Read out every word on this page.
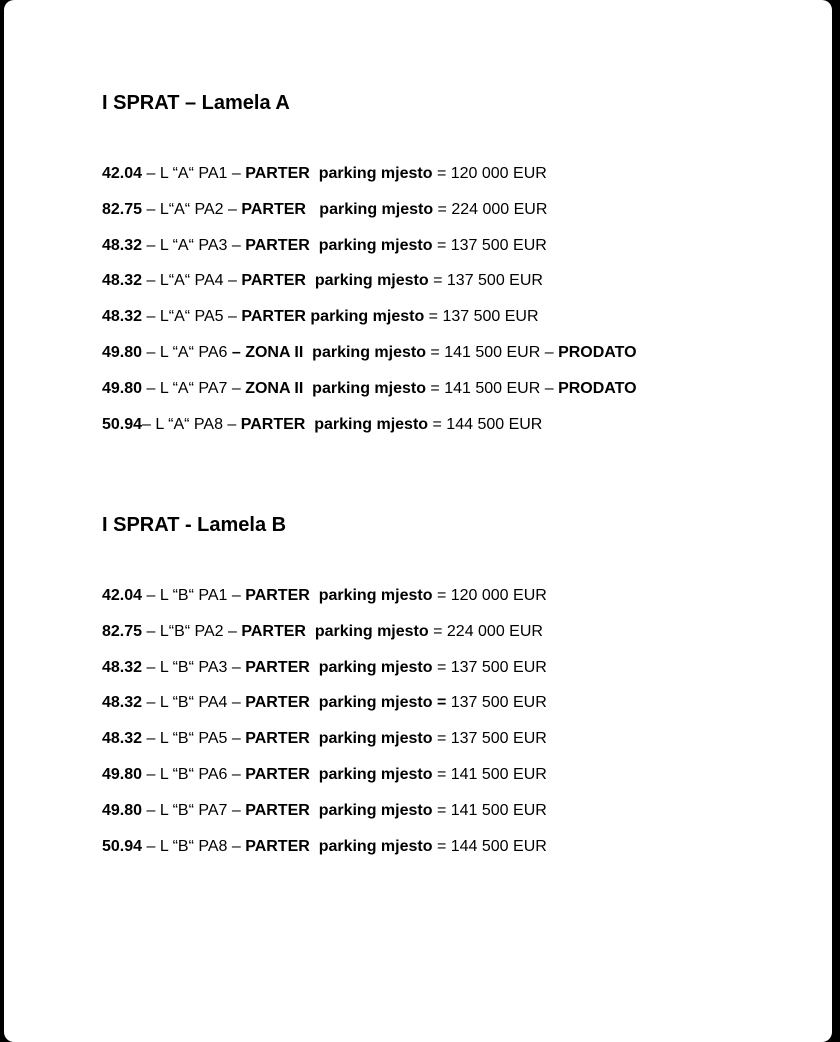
I SPRAT – Lamela A
42.04 – L “A“ PA1 – PARTER parking mjesto = 120 000 EUR
82.75 – L“A“ PA2 – PARTER parking mjesto = 224 000 EUR
48.32 – L “A“ PA3 – PARTER parking mjesto = 137 500 EUR
48.32 – L“A“ PA4 – PARTER parking mjesto = 137 500 EUR
48.32 – L“A“ PA5 – PARTER parking mjesto = 137 500 EUR
49.80 – L “A“ PA6 – ZONA II parking mjesto = 141 500 EUR – PRODATO
49.80 – L “A“ PA7 – ZONA II parking mjesto = 141 500 EUR – PRODATO
50.94– L “A“ PA8 – PARTER parking mjesto = 144 500 EUR
I SPRAT - Lamela B
42.04 – L “B“ PA1 – PARTER parking mjesto = 120 000 EUR
82.75 – L“B“ PA2 – PARTER parking mjesto = 224 000 EUR
48.32 – L “B“ PA3 – PARTER parking mjesto = 137 500 EUR
48.32 – L “B“ PA4 – PARTER parking mjesto = 137 500 EUR
48.32 – L “B“ PA5 – PARTER parking mjesto = 137 500 EUR
49.80 – L “B“ PA6 – PARTER parking mjesto = 141 500 EUR
49.80 – L “B“ PA7 – PARTER parking mjesto = 141 500 EUR
50.94 – L “B“ PA8 – PARTER parking mjesto = 144 500 EUR
